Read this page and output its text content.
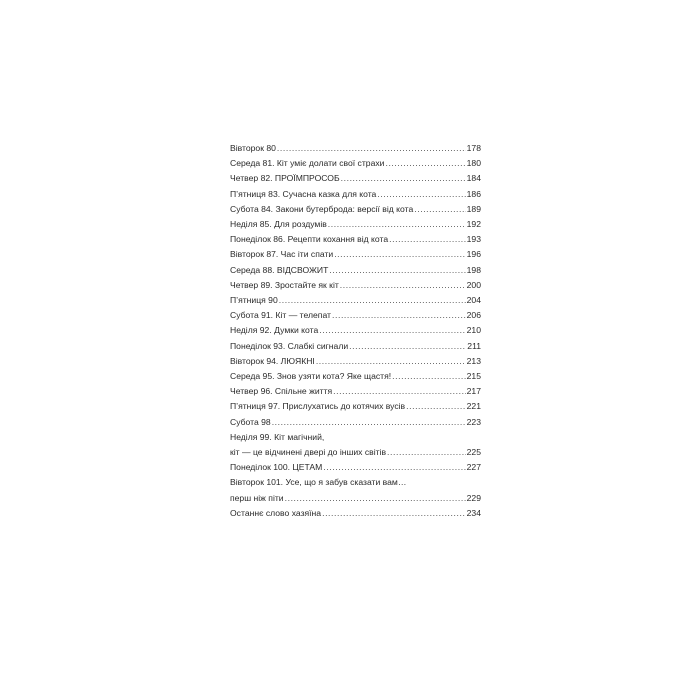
Вівторок 80 .....	178
Середа 81. Кіт уміє долати свої страхи .....	180
Четвер 82. ПРОЇМПРОСОБ .....	184
П’ятниця 83. Сучасна казка для кота .....	186
Субота 84. Закони бутерброда: версії від кота .....	189
Неділя 85. Для роздумів .....	192
Понеділок 86. Рецепти кохання від кота .....	193
Вівторок 87. Час іти спати .....	196
Середа 88. ВІДСВОЖИТ .....	198
Четвер 89. Зростайте як кіт .....	200
П’ятниця 90 .....	204
Субота 91. Кіт — телепат .....	206
Неділя 92. Думки кота .....	210
Понеділок 93. Слабкі сигнали .....	211
Вівторок 94. ЛЮЯКНІ .....	213
Середа 95. Знов узяти кота? Яке щастя! .....	215
Четвер 96. Спільне життя .....	217
П’ятниця 97. Прислухатись до котячих вусів .....	221
Субота 98 .....	223
Неділя 99. Кіт магічний,
кіт — це відчинені двері до інших світів .....	225
Понеділок 100. ЦЕТАМ .....	227
Вівторок 101. Усе, що я забув сказати вам…
перш ніж піти .....	229
Останнє слово хазяїна .....	234
